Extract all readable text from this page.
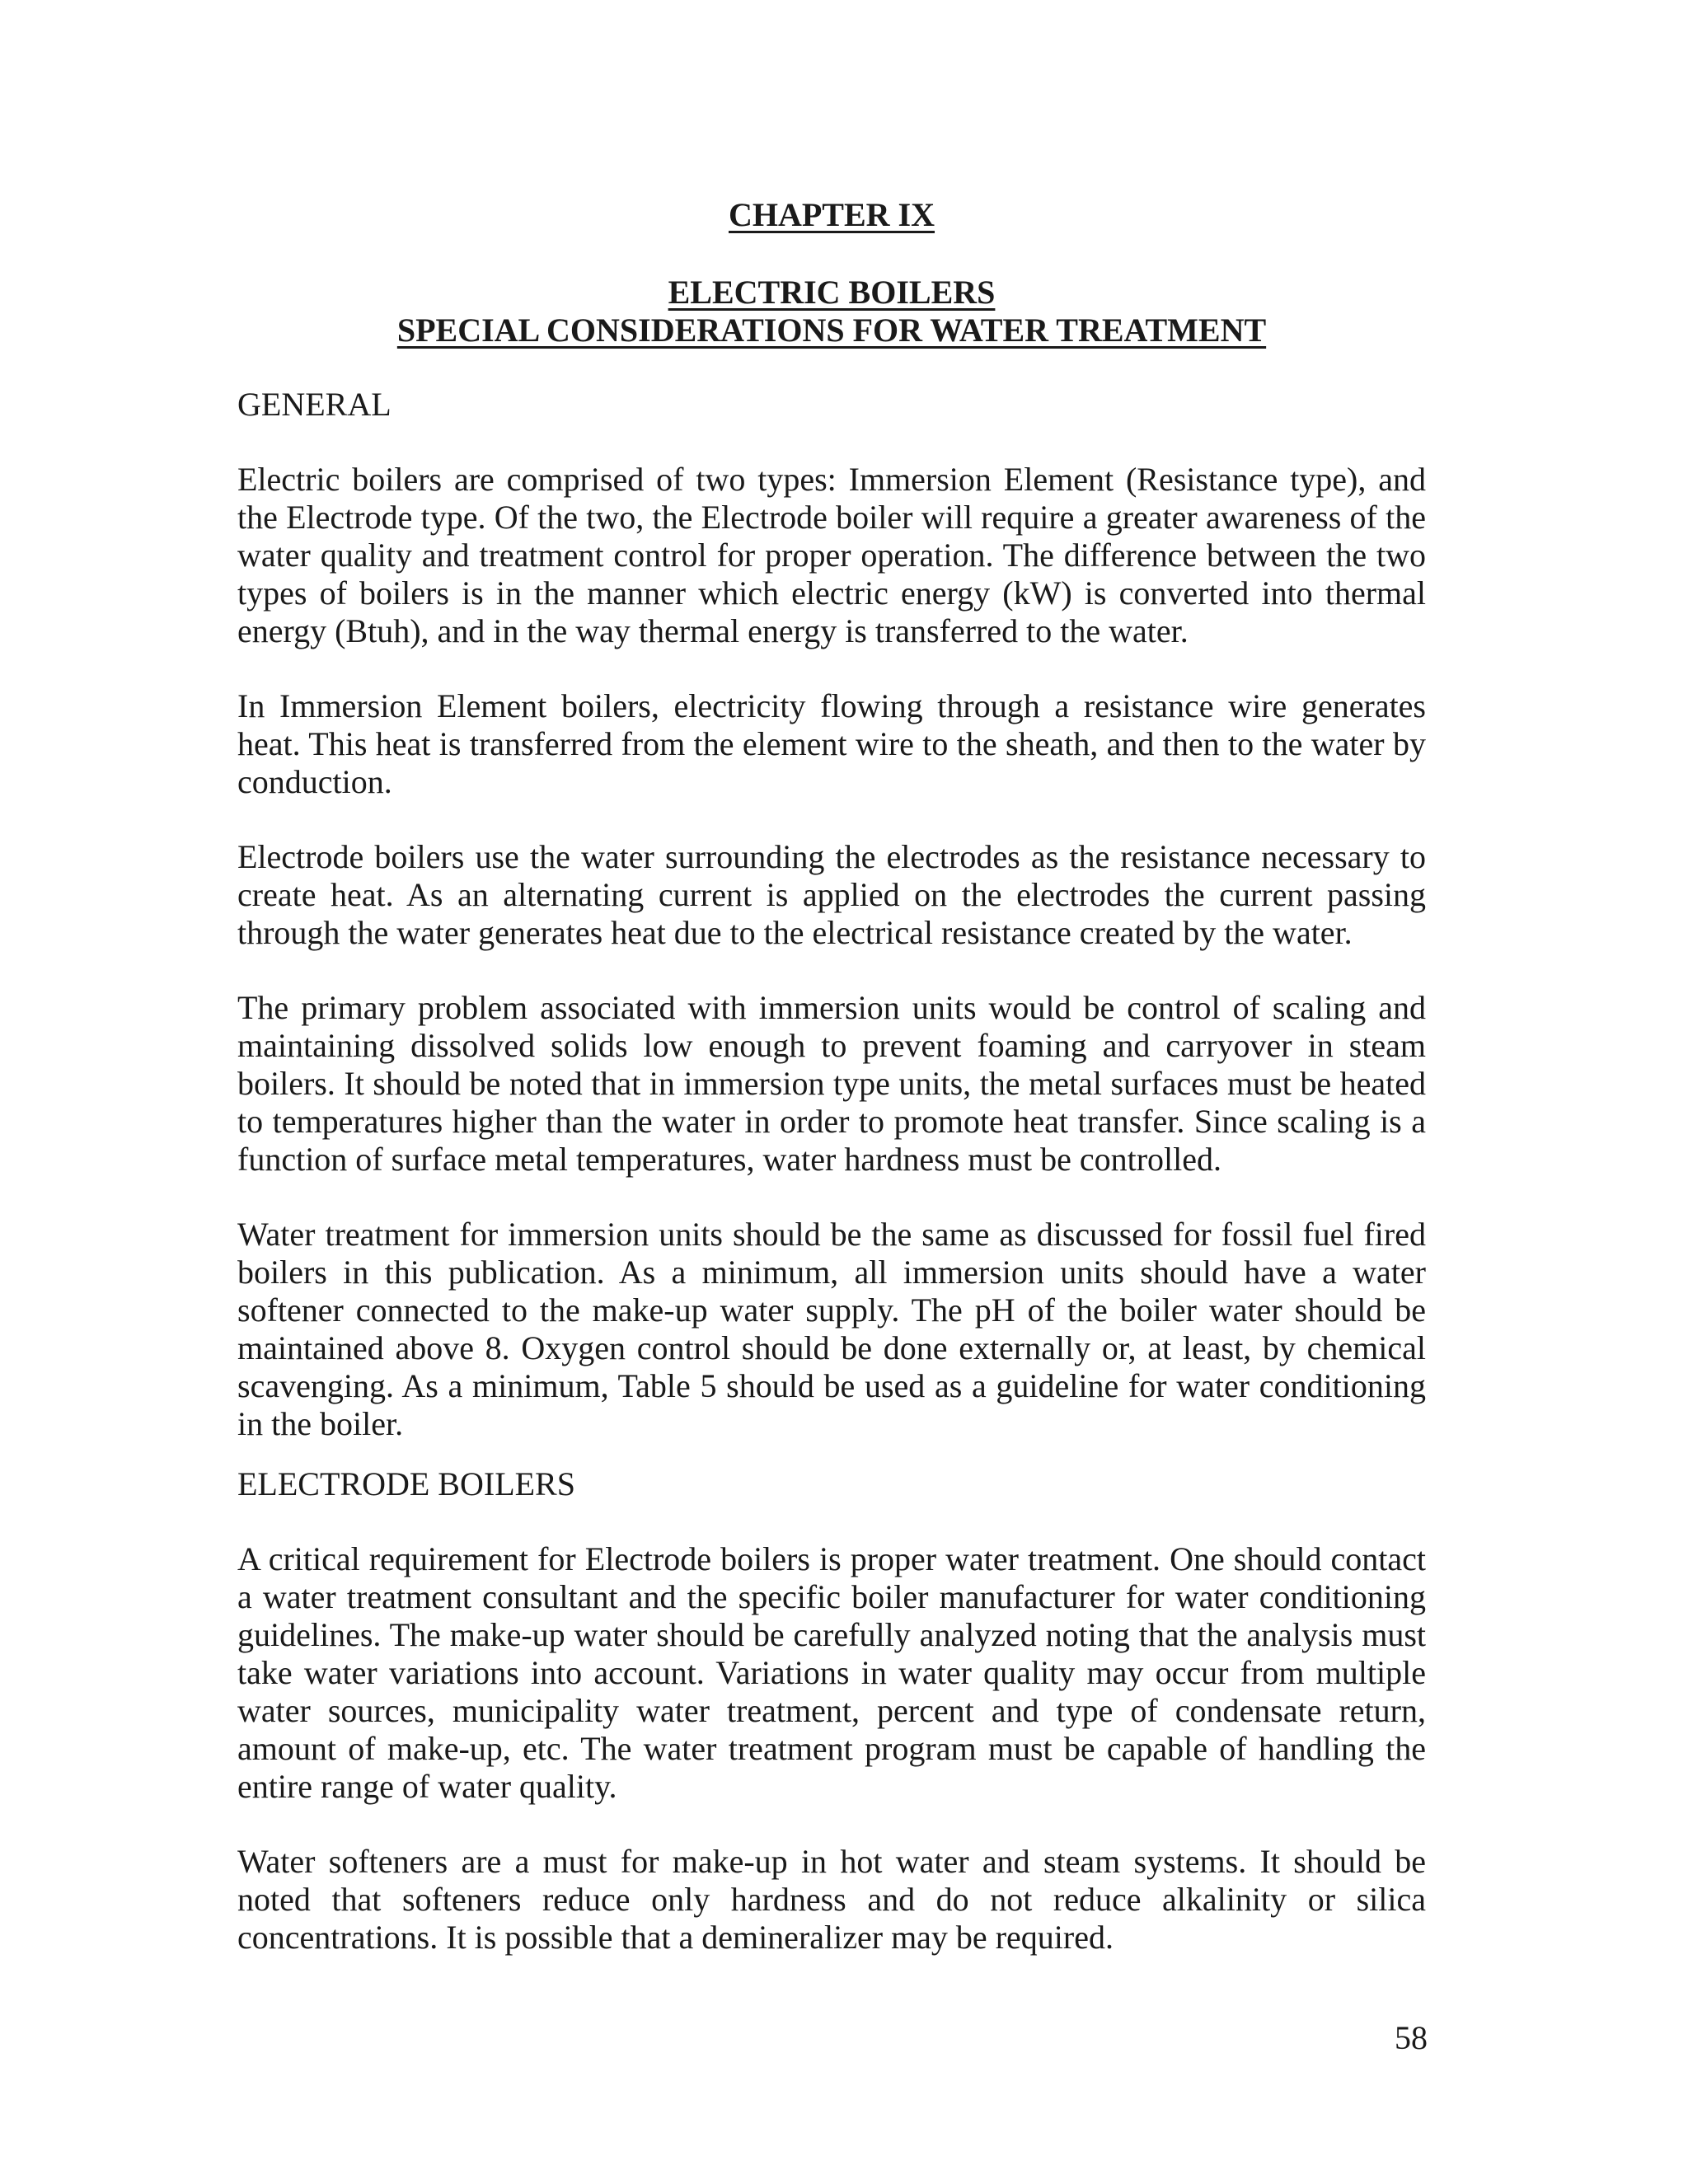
CHAPTER IX
ELECTRIC BOILERS
SPECIAL CONSIDERATIONS FOR WATER TREATMENT
GENERAL

Electric boilers are comprised of two types: Immersion Element (Resistance type), and the Electrode type. Of the two, the Electrode boiler will require a greater awareness of the water quality and treatment control for proper operation. The difference between the two types of boilers is in the manner which electric energy (kW) is converted into thermal energy (Btuh), and in the way thermal energy is transferred to the water.

In Immersion Element boilers, electricity flowing through a resistance wire generates heat. This heat is transferred from the element wire to the sheath, and then to the water by conduction.

Electrode boilers use the water surrounding the electrodes as the resistance necessary to create heat. As an alternating current is applied on the electrodes the current passing through the water generates heat due to the electrical resistance created by the water.

The primary problem associated with immersion units would be control of scaling and maintaining dissolved solids low enough to prevent foaming and carryover in steam boilers. It should be noted that in immersion type units, the metal surfaces must be heated to temperatures higher than the water in order to promote heat transfer. Since scaling is a function of surface metal temperatures, water hardness must be controlled.

Water treatment for immersion units should be the same as discussed for fossil fuel fired boilers in this publication. As a minimum, all immersion units should have a water softener connected to the make-up water supply. The pH of the boiler water should be maintained above 8. Oxygen control should be done externally or, at least, by chemical scavenging. As a minimum, Table 5 should be used as a guideline for water conditioning in the boiler.

ELECTRODE BOILERS

A critical requirement for Electrode boilers is proper water treatment. One should contact a water treatment consultant and the specific boiler manufacturer for water conditioning guidelines. The make-up water should be carefully analyzed noting that the analysis must take water variations into account. Variations in water quality may occur from multiple water sources, municipality water treatment, percent and type of condensate return, amount of make-up, etc. The water treatment program must be capable of handling the entire range of water quality.

Water softeners are a must for make-up in hot water and steam systems. It should be noted that softeners reduce only hardness and do not reduce alkalinity or silica concentrations. It is possible that a demineralizer may be required.

58
